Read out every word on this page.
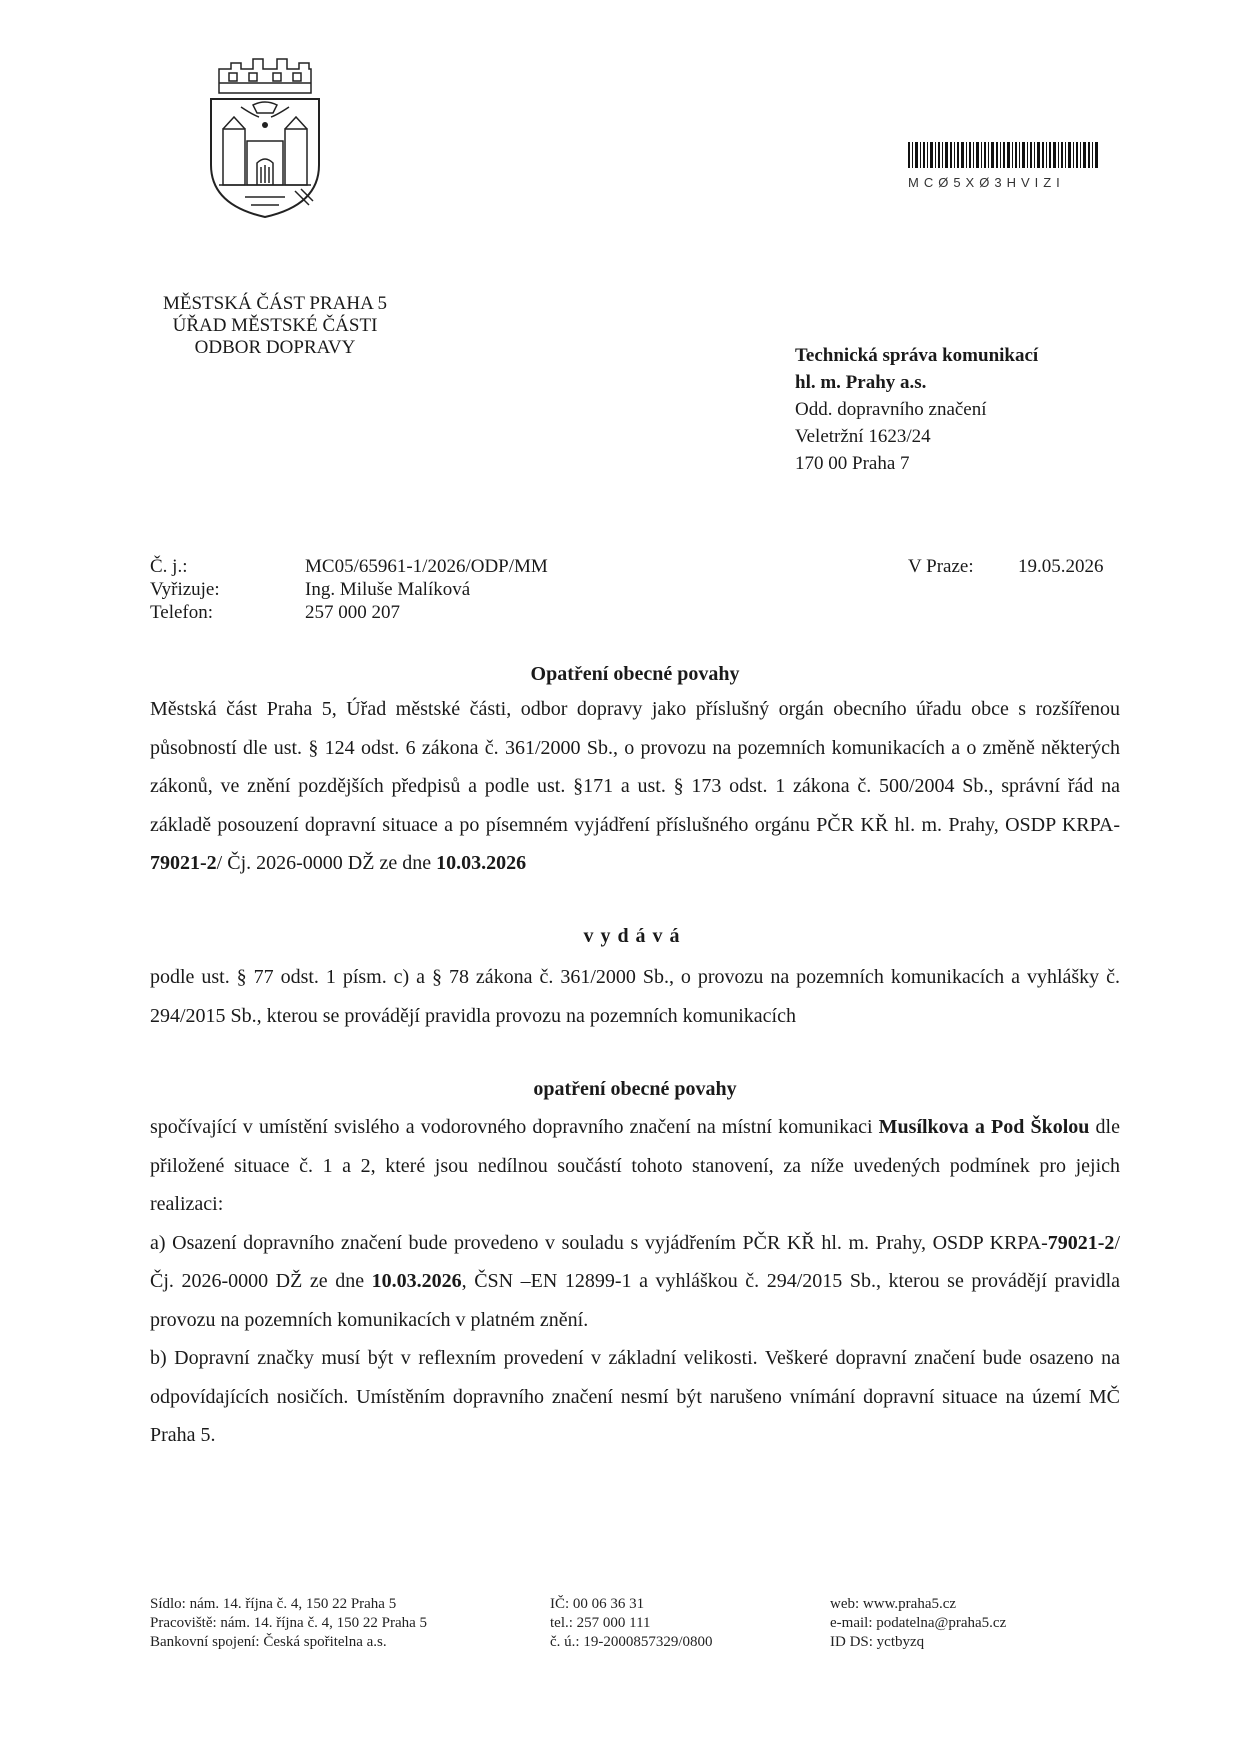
MCØ5XØ3HVIZI
MĚSTSKÁ ČÁST PRAHA 5
ÚŘAD MĚSTSKÉ ČÁSTI
ODBOR DOPRAVY	Technická správa komunikací
hl. m. Prahy a.s.
Odd. dopravního značení
Veletržní 1623/24
170 00 Praha 7
Č. j.:	MC05/65961-1/2026/ODP/MM
Vyřizuje:	Ing. Miluše Malíková
Telefon:	257 000 207
V Praze: 19.05.2026
Opatření obecné povahy
Městská část Praha 5, Úřad městské části, odbor dopravy jako příslušný orgán obecního úřadu obce s rozšířenou působností dle ust. § 124 odst. 6 zákona č. 361/2000 Sb., o provozu na pozemních komunikacích a o změně některých zákonů, ve znění pozdějších předpisů a podle ust. §171 a ust. § 173 odst. 1 zákona č. 500/2004 Sb., správní řád na základě posouzení dopravní situace a po písemném vyjádření příslušného orgánu PČR KŘ hl. m. Prahy, OSDP KRPA-79021-2/ Čj. 2026-0000 DŽ ze dne 10.03.2026
vydává
podle ust. § 77 odst. 1 písm. c) a § 78 zákona č. 361/2000 Sb., o provozu na pozemních komunikacích a vyhlášky č. 294/2015 Sb., kterou se provádějí pravidla provozu na pozemních komunikacích
opatření obecné povahy
spočívající v umístění svislého a vodorovného dopravního značení na místní komunikaci Musílkova a Pod Školou dle přiložené situace č. 1 a 2, které jsou nedílnou součástí tohoto stanovení, za níže uvedených podmínek pro jejich realizaci:
a) Osazení dopravního značení bude provedeno v souladu s vyjádřením PČR KŘ hl. m. Prahy, OSDP KRPA-79021-2/ Čj. 2026-0000 DŽ ze dne 10.03.2026, ČSN –EN 12899-1 a vyhláškou č. 294/2015 Sb., kterou se provádějí pravidla provozu na pozemních komunikacích v platném znění.
b) Dopravní značky musí být v reflexním provedení v základní velikosti. Veškeré dopravní značení bude osazeno na odpovídajících nosičích. Umístěním dopravního značení nesmí být narušeno vnímání dopravní situace na území MČ Praha 5.
Sídlo: nám. 14. října č. 4, 150 22 Praha 5
Pracoviště: nám. 14. října č. 4, 150 22 Praha 5
Bankovní spojení: Česká spořitelna a.s.
IČ: 00 06 36 31
tel.: 257 000 111
č. ú.: 19-2000857329/0800
web: www.praha5.cz
e-mail: podatelna@praha5.cz
ID DS: yctbyzq
